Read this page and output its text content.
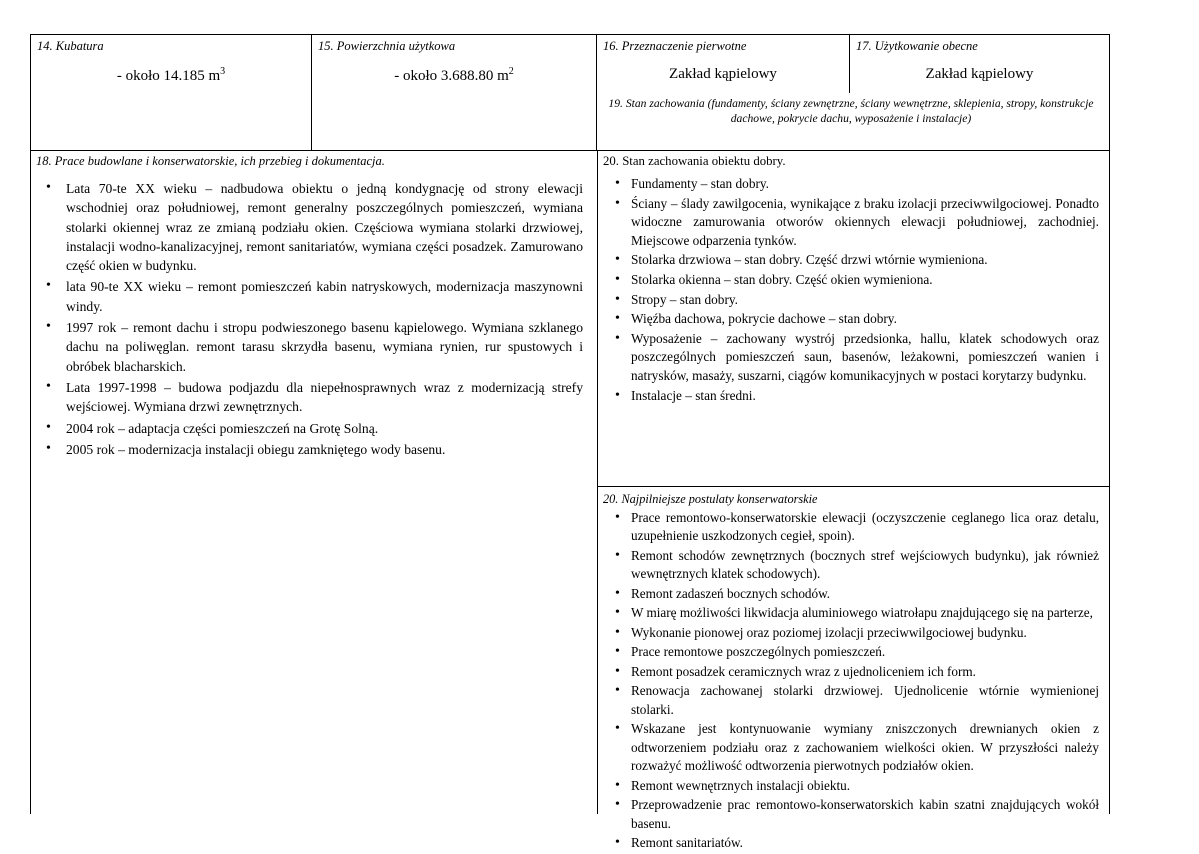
14. Kubatura
- około 14.185 $m^3$
15. Powierzchnia użytkowa
- około 3.688.80 $m^2$
16. Przeznaczenie pierwotne
Zakład kąpielowy
17. Użytkowanie obecne
Zakład kąpielowy
19. Stan zachowania (fundamenty, ściany zewnętrzne, ściany wewnętrzne, sklepienia, stropy, konstrukcje dachowe, pokrycie dachu, wyposażenie i instalacje)
18. Prace budowlane i konserwatorskie, ich przebieg i dokumentacja.
• Lata 70-te XX wieku – nadbudowa obiektu o jedną kondygnację od strony elewacji wschodniej oraz południowej, remont generalny poszczególnych pomieszczeń, wymiana stolarki okiennej wraz ze zmianą podziału okien. Częściowa wymiana stolarki drzwiowej, instalacji wodno-kanalizacyjnej, remont sanitariatów, wymiana części posadzek. Zamurowano część okien w budynku.
• lata 90-te XX wieku – remont pomieszczeń kabin natryskowych, modernizacja maszynowni windy.
• 1997 rok – remont dachu i stropu podwieszonego basenu kąpielowego. Wymiana szklanego dachu na poliwęglan. remont tarasu skrzydła basenu, wymiana rynien, rur spustowych i obróbek blacharskich.
• Lata 1997-1998 – budowa podjazdu dla niepełnosprawnych wraz z modernizacją strefy wejściowej. Wymiana drzwi zewnętrznych.
• 2004 rok – adaptacja części pomieszczeń na Grotę Solną.
• 2005 rok – modernizacja instalacji obiegu zamkniętego wody basenu.
20. Stan zachowania obiektu dobry.
• Fundamenty – stan dobry.
• Ściany – ślady zawilgocenia, wynikające z braku izolacji przeciwwilgociowej. Ponadto widoczne zamurowania otworów okiennych elewacji południowej, zachodniej. Miejscowe odparzenia tynków.
• Stolarka drzwiowa – stan dobry. Część drzwi wtórnie wymieniona.
• Stolarka okienna – stan dobry. Część okien wymieniona.
• Stropy – stan dobry.
• Więźba dachowa, pokrycie dachowe – stan dobry.
• Wyposażenie – zachowany wystrój przedsionka, hallu, klatek schodowych oraz poszczególnych pomieszczeń saun, basenów, leżakowni, pomieszczeń wanien i natrysków, masaży, suszarni, ciągów komunikacyjnych w postaci korytarzy budynku.
• Instalacje – stan średni.
20. Najpilniejsze postulaty konserwatorskie
• Prace remontowo-konserwatorskie elewacji (oczyszczenie ceglanego lica oraz detalu, uzupełnienie uszkodzonych cegieł, spoin).
• Remont schodów zewnętrznych (bocznych stref wejściowych budynku), jak również wewnętrznych klatek schodowych).
• Remont zadaszeń bocznych schodów.
• W miarę możliwości likwidacja aluminiowego wiatrołapu znajdującego się na parterze,
• Wykonanie pionowej oraz poziomej izolacji przeciwwilgociowej budynku.
• Prace remontowe poszczególnych pomieszczeń.
• Remont posadzek ceramicznych wraz z ujednoliceniem ich form.
• Renowacja zachowanej stolarki drzwiowej. Ujednolicenie wtórnie wymienionej stolarki.
• Wskazane jest kontynuowanie wymiany zniszczonych drewnianych okien z odtworzeniem podziału oraz z zachowaniem wielkości okien. W przyszłości należy rozważyć możliwość odtworzenia pierwotnych podziałów okien.
• Remont wewnętrznych instalacji obiektu.
• Przeprowadzenie prac remontowo-konserwatorskich kabin szatni znajdujących wokół basenu.
• Remont sanitariatów.
